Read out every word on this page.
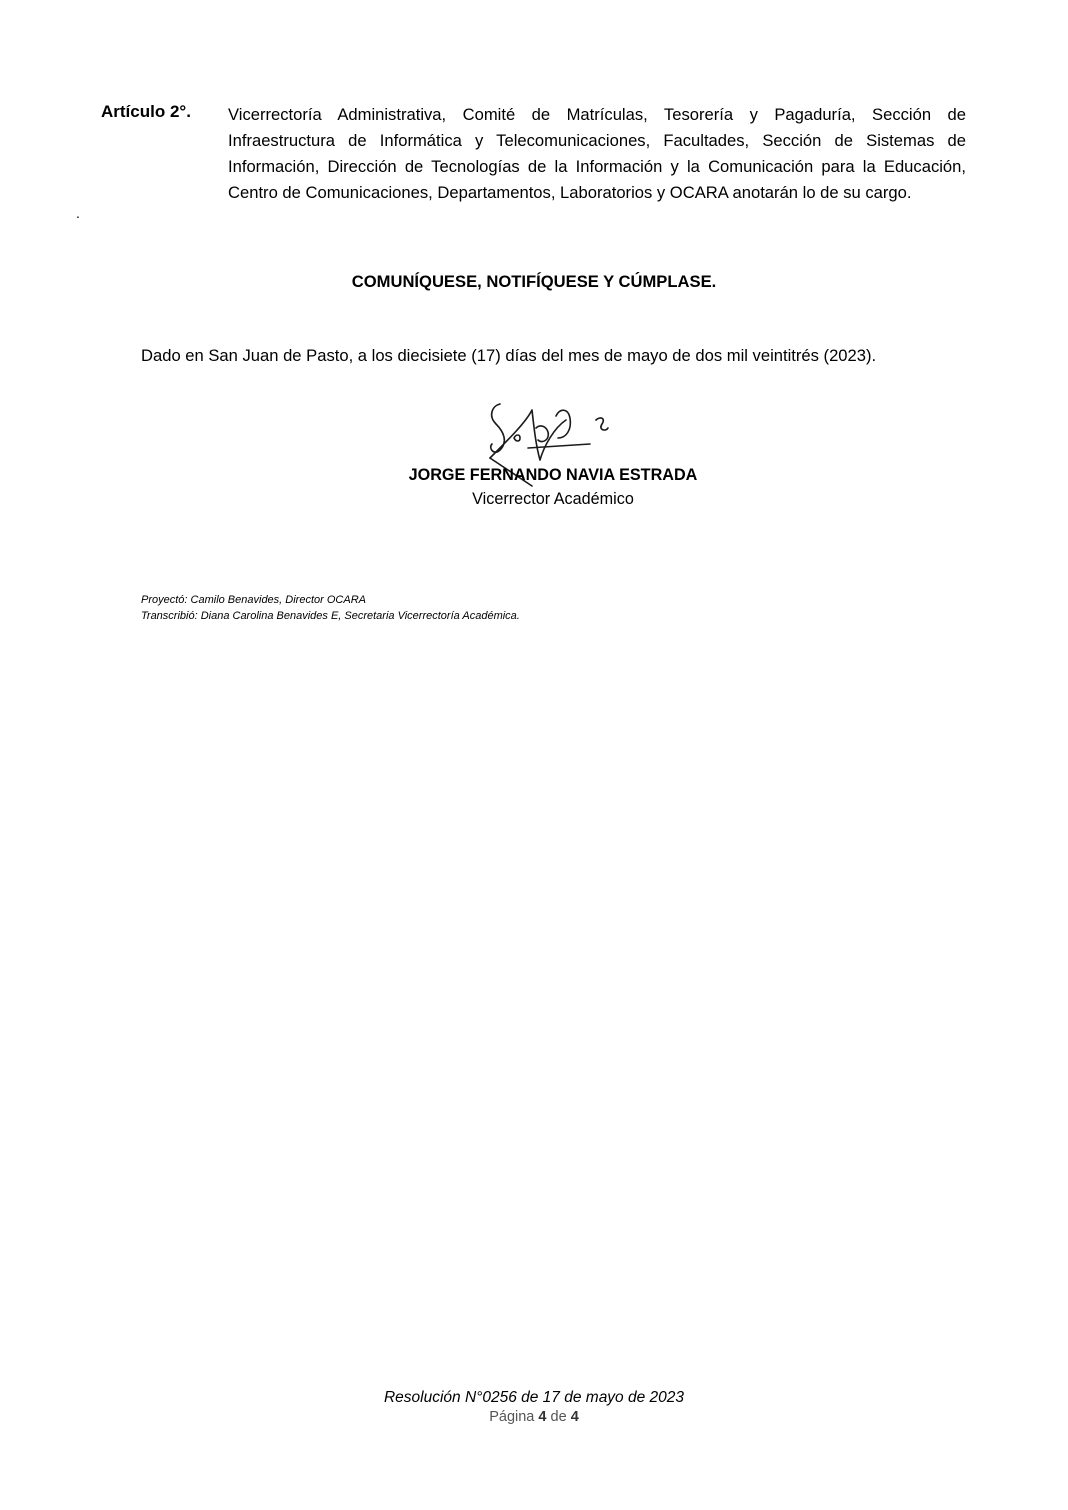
Artículo 2°. Vicerrectoría Administrativa, Comité de Matrículas, Tesorería y Pagaduría, Sección de Infraestructura de Informática y Telecomunicaciones, Facultades, Sección de Sistemas de Información, Dirección de Tecnologías de la Información y la Comunicación para la Educación, Centro de Comunicaciones, Departamentos, Laboratorios y OCARA anotarán lo de su cargo.
.
COMUNÍQUESE, NOTIFÍQUESE Y CÚMPLASE.
Dado en San Juan de Pasto, a los diecisiete (17) días del mes de mayo de dos mil veintitrés (2023).
JORGE FERNANDO NAVIA ESTRADA
Vicerrector Académico
Proyectó: Camilo Benavides, Director OCARA
Transcribió: Diana Carolina Benavides E, Secretaria Vicerrectoría Académica.
Resolución N°0256 de 17 de mayo de 2023
Página 4 de 4
